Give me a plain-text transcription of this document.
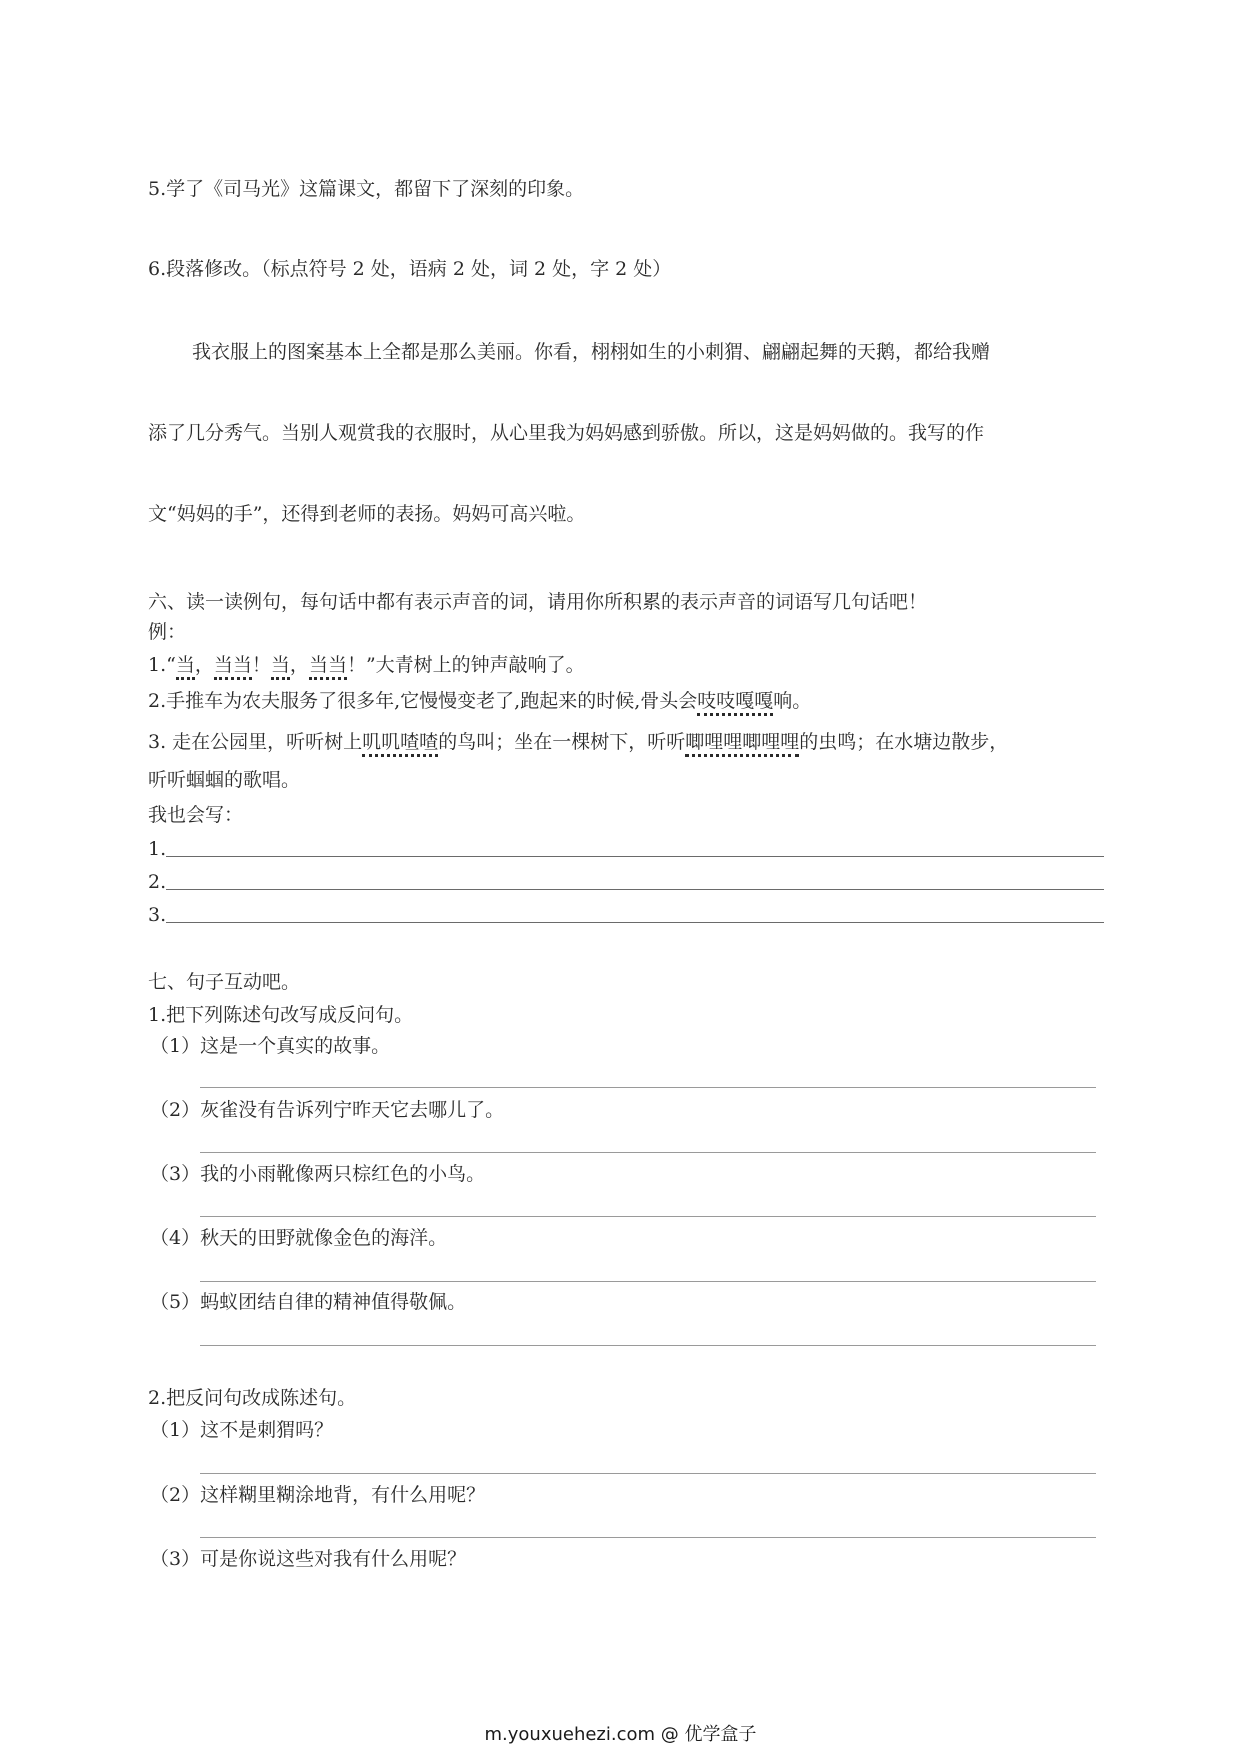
5.学了《司马光》这篇课文，都留下了深刻的印象。
6.段落修改。（标点符号 2 处，语病 2 处，词 2 处，字 2 处）
我衣服上的图案基本上全都是那么美丽。你看，栩栩如生的小刺猬、翩翩起舞的天鹅，都给我赠
添了几分秀气。当别人观赏我的衣服时，从心里我为妈妈感到骄傲。所以，这是妈妈做的。我写的作
文“妈妈的手”，还得到老师的表扬。妈妈可高兴啦。
六、读一读例句，每句话中都有表示声音的词，请用你所积累的表示声音的词语写几句话吧！
例：
1.“当，当当！当，当当！”大青树上的钟声敲响了。
2.手推车为农夫服务了很多年,它慢慢变老了,跑起来的时候,骨头会吱吱嘎嘎响。
3. 走在公园里，听听树上叽叽喳喳的鸟叫；坐在一棵树下，听听唧哩哩唧哩哩的虫鸣；在水塘边散步，
听听蝈蝈的歌唱。
我也会写：
1.
2.
3.
七、句子互动吧。
1.把下列陈述句改写成反问句。
（1）这是一个真实的故事。
（2）灰雀没有告诉列宁昨天它去哪儿了。
（3）我的小雨靴像两只棕红色的小鸟。
（4）秋天的田野就像金色的海洋。
（5）蚂蚁团结自律的精神值得敬佩。
2.把反问句改成陈述句。
（1）这不是刺猬吗？
（2）这样糊里糊涂地背，有什么用呢？
（3）可是你说这些对我有什么用呢？
m.youxuehezi.com @ 优学盒子
